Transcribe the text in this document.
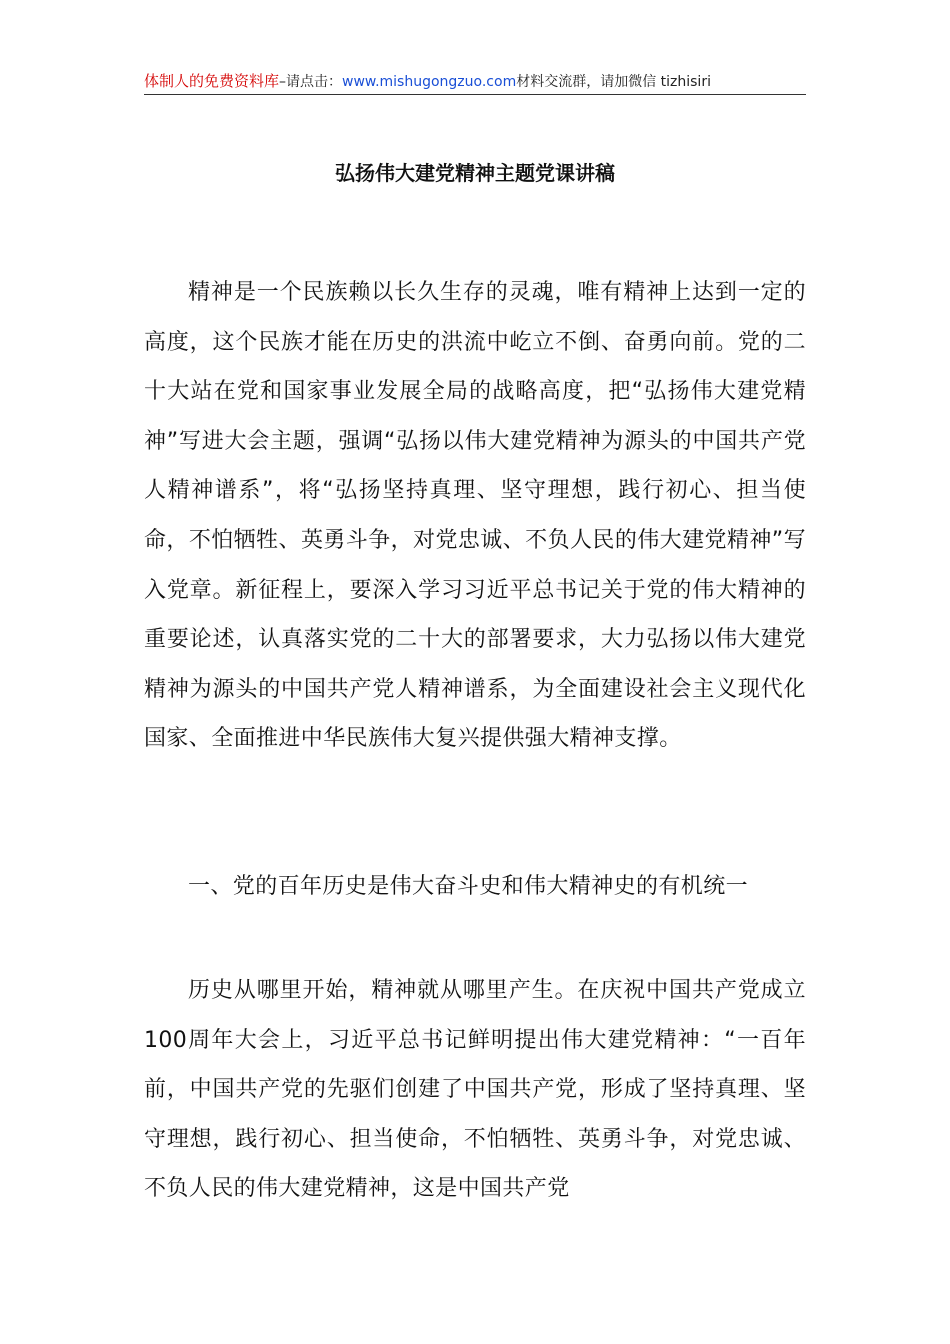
体制人的免费资料库–请点击：www.mishugongzuo.com材料交流群，请加微信 tizhisiri
弘扬伟大建党精神主题党课讲稿

精神是一个民族赖以长久生存的灵魂，唯有精神上达到一定的高度，这个民族才能在历史的洪流中屹立不倒、奋勇向前。党的二十大站在党和国家事业发展全局的战略高度，把“弘扬伟大建党精神”写进大会主题，强调“弘扬以伟大建党精神为源头的中国共产党人精神谱系”，将“弘扬坚持真理、坚守理想，践行初心、担当使命，不怕牺牲、英勇斗争，对党忠诚、不负人民的伟大建党精神”写入党章。新征程上，要深入学习习近平总书记关于党的伟大精神的重要论述，认真落实党的二十大的部署要求，大力弘扬以伟大建党精神为源头的中国共产党人精神谱系，为全面建设社会主义现代化国家、全面推进中华民族伟大复兴提供强大精神支撑。

一、党的百年历史是伟大奋斗史和伟大精神史的有机统一

历史从哪里开始，精神就从哪里产生。在庆祝中国共产党成立100周年大会上，习近平总书记鲜明提出伟大建党精神：“一百年前，中国共产党的先驱们创建了中国共产党，形成了坚持真理、坚守理想，践行初心、担当使命，不怕牺牲、英勇斗争，对党忠诚、不负人民的伟大建党精神，这是中国共产党
